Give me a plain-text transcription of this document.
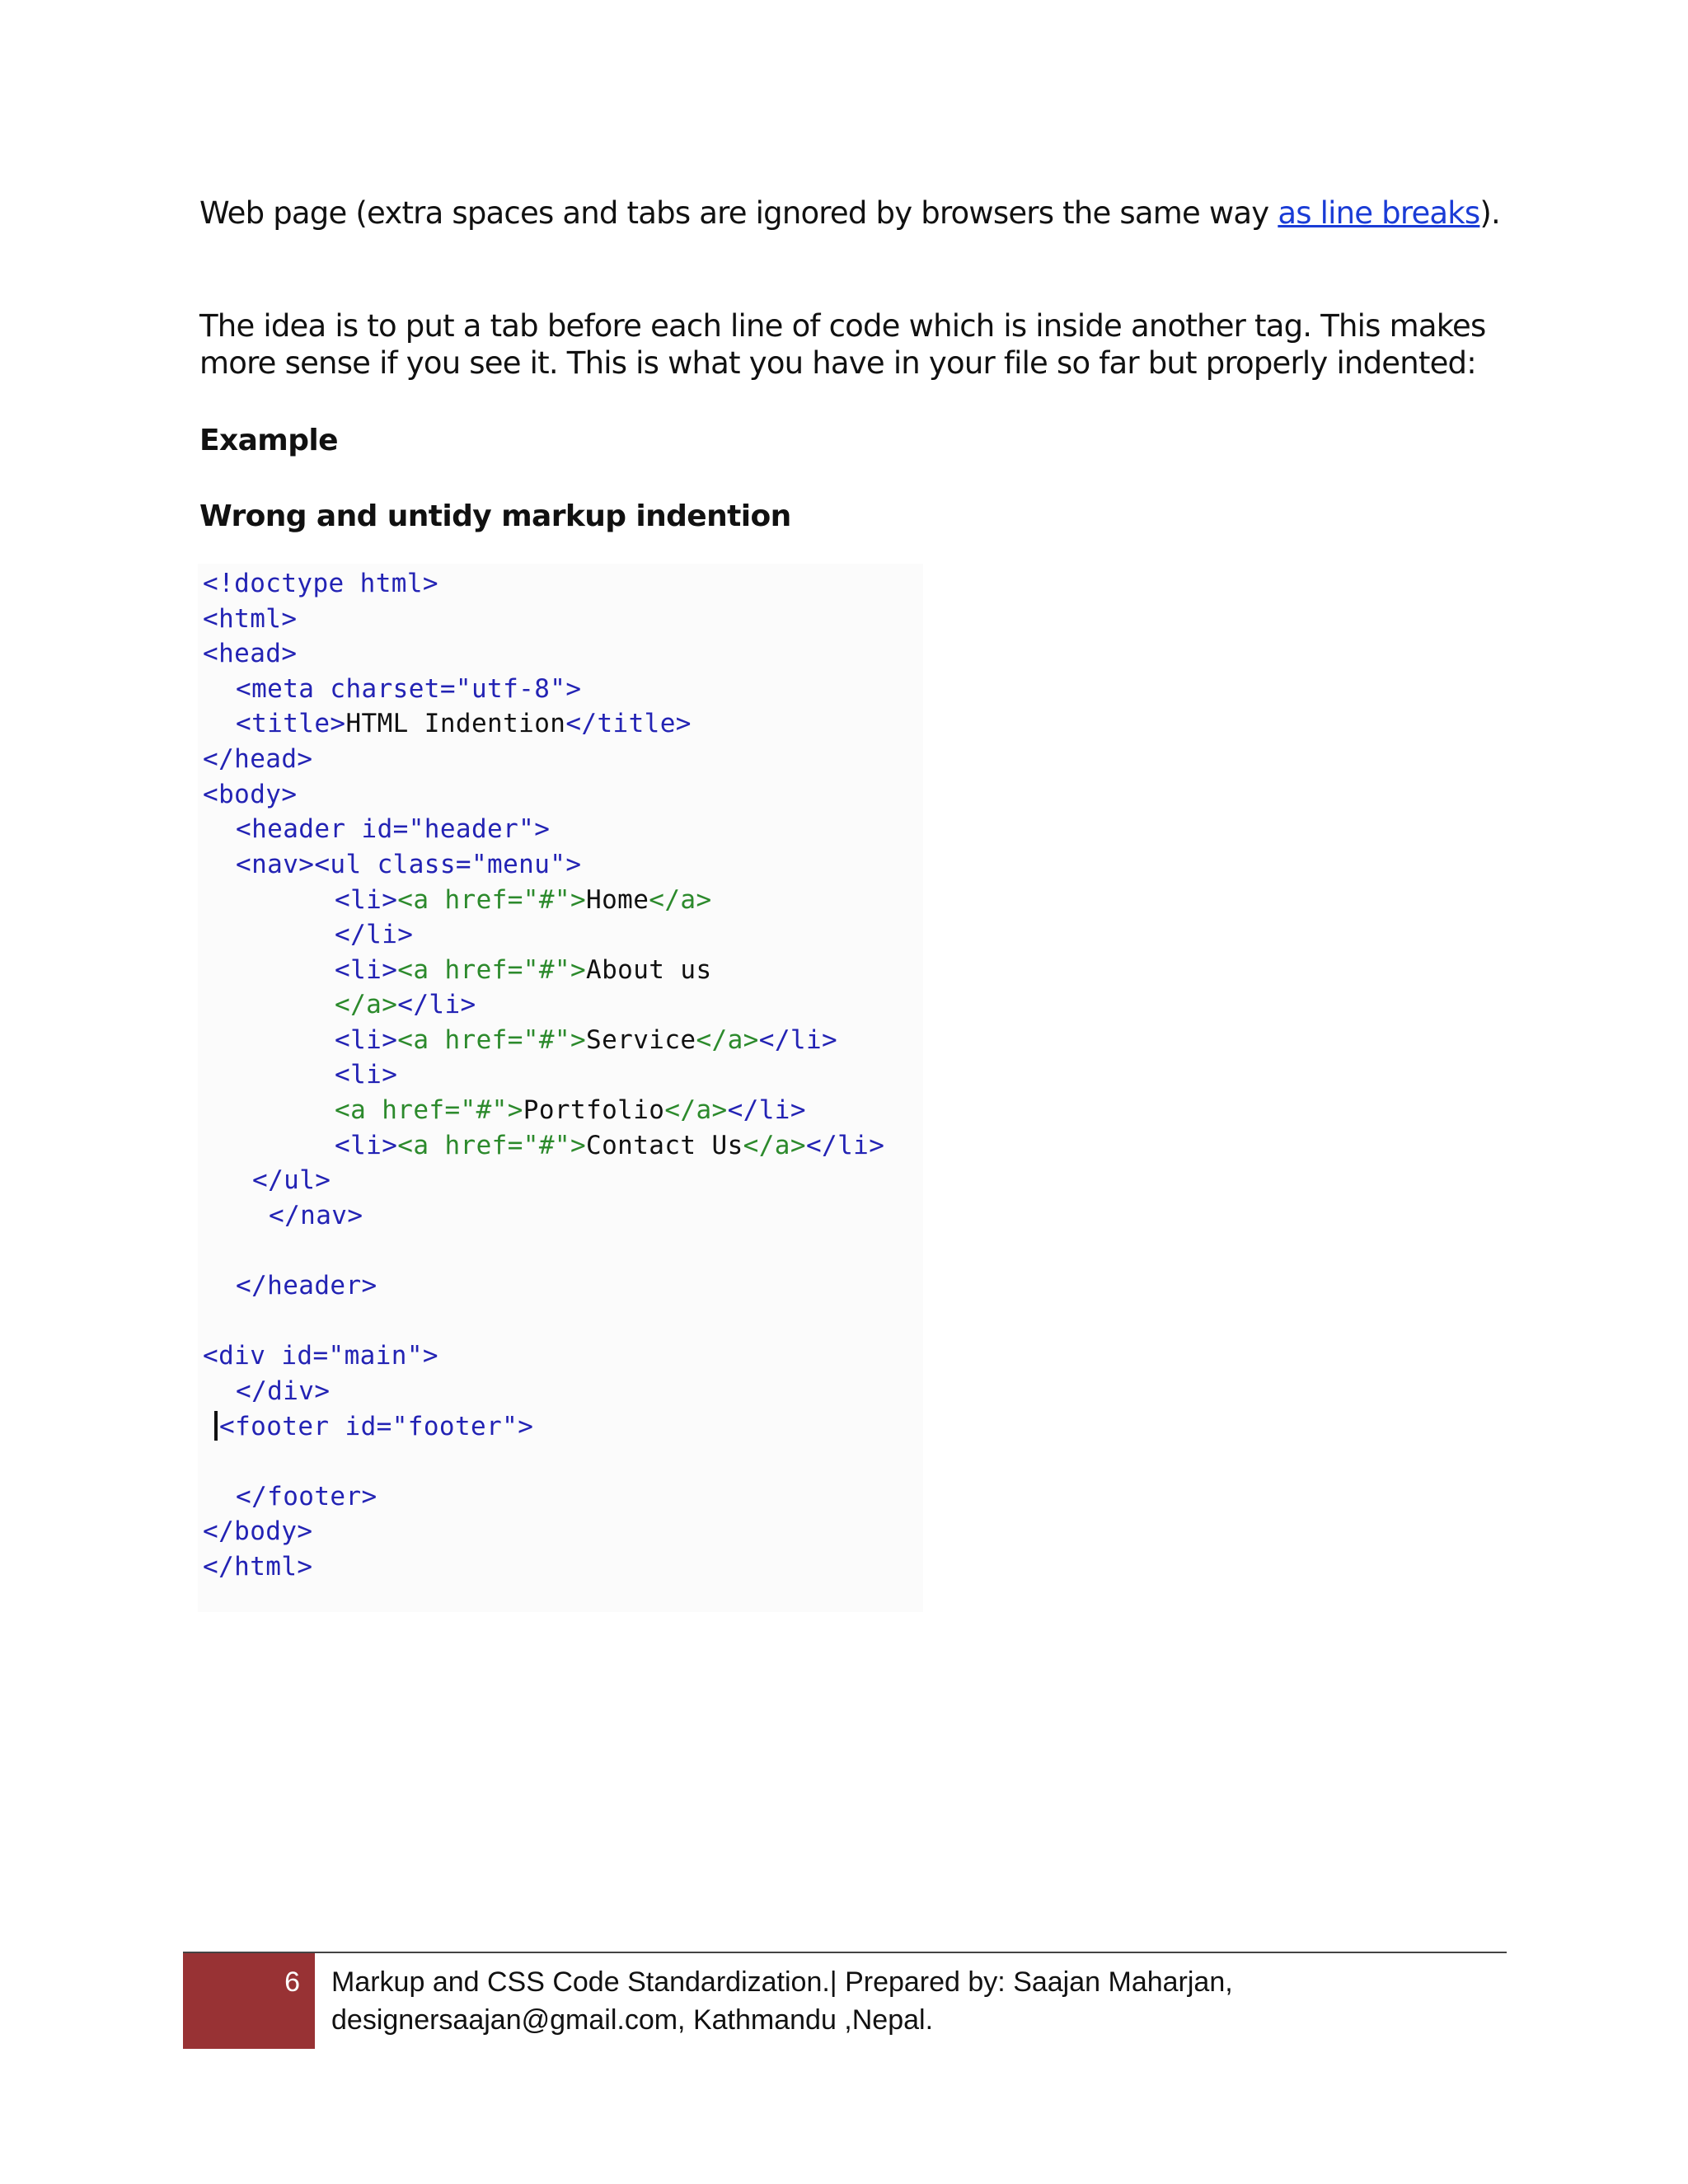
Web page (extra spaces and tabs are ignored by browsers the same way as line breaks).

The idea is to put a tab before each line of code which is inside another tag. This makes more sense if you see it. This is what you have in your file so far but properly indented:

Example
Wrong and untidy markup indention
<!doctype html>
<html>
<head>
<meta charset="utf-8">
<title>HTML Indention</title>
</head>
<body>
<header id="header">
<nav><ul class="menu">
<li><a href="#">Home</a>
</li>
<li><a href="#">About us
</a></li>
<li><a href="#">Service</a></li>
<li>
<a href="#">Portfolio</a></li>
<li><a href="#">Contact Us</a></li>
</ul>
</nav>
</header>
<div id="main">
</div>
<footer id="footer">
</footer>
</body>
</html>
6 Markup and CSS Code Standardization.| Prepared by: Saajan Maharjan,
designersaajan@gmail.com, Kathmandu ,Nepal.
